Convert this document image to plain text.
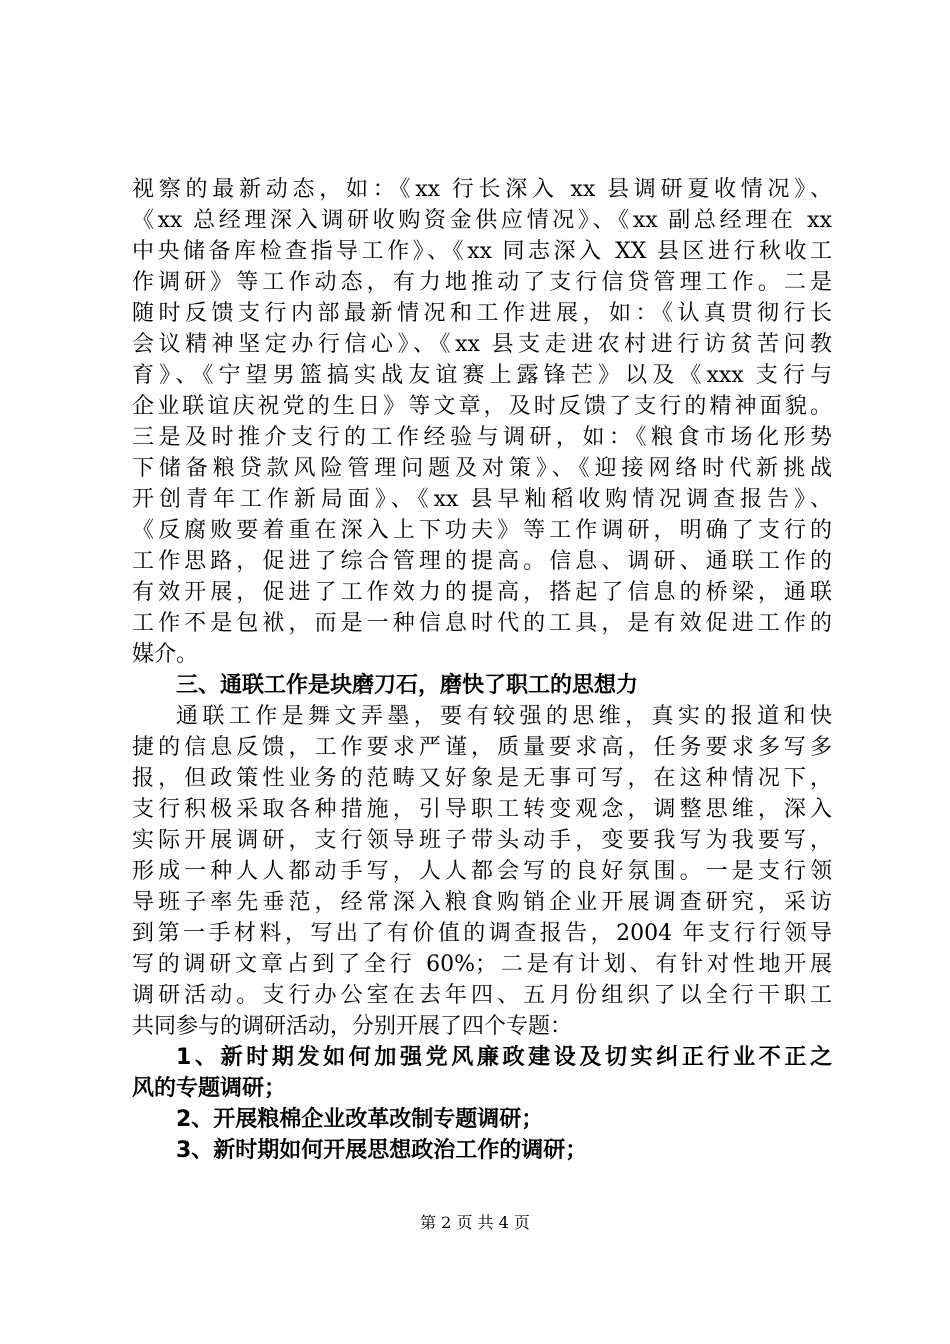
视察的最新动态，如：《xx 行长深入 xx 县调研夏收情况》、
《xx 总经理深入调研收购资金供应情况》、《xx 副总经理在 xx
中央储备库检查指导工作》、《xx 同志深入 XX 县区进行秋收工
作调研》等工作动态，有力地推动了支行信贷管理工作。二是
随时反馈支行内部最新情况和工作进展，如：《认真贯彻行长
会议精神坚定办行信心》、《xx 县支走进农村进行访贫苦问教
育》、《宁望男篮搞实战友谊赛上露锋芒》以及《xxx 支行与
企业联谊庆祝党的生日》等文章，及时反馈了支行的精神面貌。
三是及时推介支行的工作经验与调研，如：《粮食市场化形势
下储备粮贷款风险管理问题及对策》、《迎接网络时代新挑战
开创青年工作新局面》、《xx 县早籼稻收购情况调查报告》、
《反腐败要着重在深入上下功夫》等工作调研，明确了支行的
工作思路，促进了综合管理的提高。信息、调研、通联工作的
有效开展，促进了工作效力的提高，搭起了信息的桥梁，通联
工作不是包袱，而是一种信息时代的工具，是有效促进工作的
媒介。
三、通联工作是块磨刀石，磨快了职工的思想力
通联工作是舞文弄墨，要有较强的思维，真实的报道和快
捷的信息反馈，工作要求严谨，质量要求高，任务要求多写多
报，但政策性业务的范畴又好象是无事可写，在这种情况下，
支行积极采取各种措施，引导职工转变观念，调整思维，深入
实际开展调研，支行领导班子带头动手，变要我写为我要写，
形成一种人人都动手写，人人都会写的良好氛围。一是支行领
导班子率先垂范，经常深入粮食购销企业开展调查研究，采访
到第一手材料，写出了有价值的调查报告，2004 年支行行领导
写的调研文章占到了全行 60%；二是有计划、有针对性地开展
调研活动。支行办公室在去年四、五月份组织了以全行干职工
共同参与的调研活动，分别开展了四个专题：
1、新时期发如何加强党风廉政建设及切实纠正行业不正之
风的专题调研；
2、开展粮棉企业改革改制专题调研；
3、新时期如何开展思想政治工作的调研；
第 2 页 共 4 页
